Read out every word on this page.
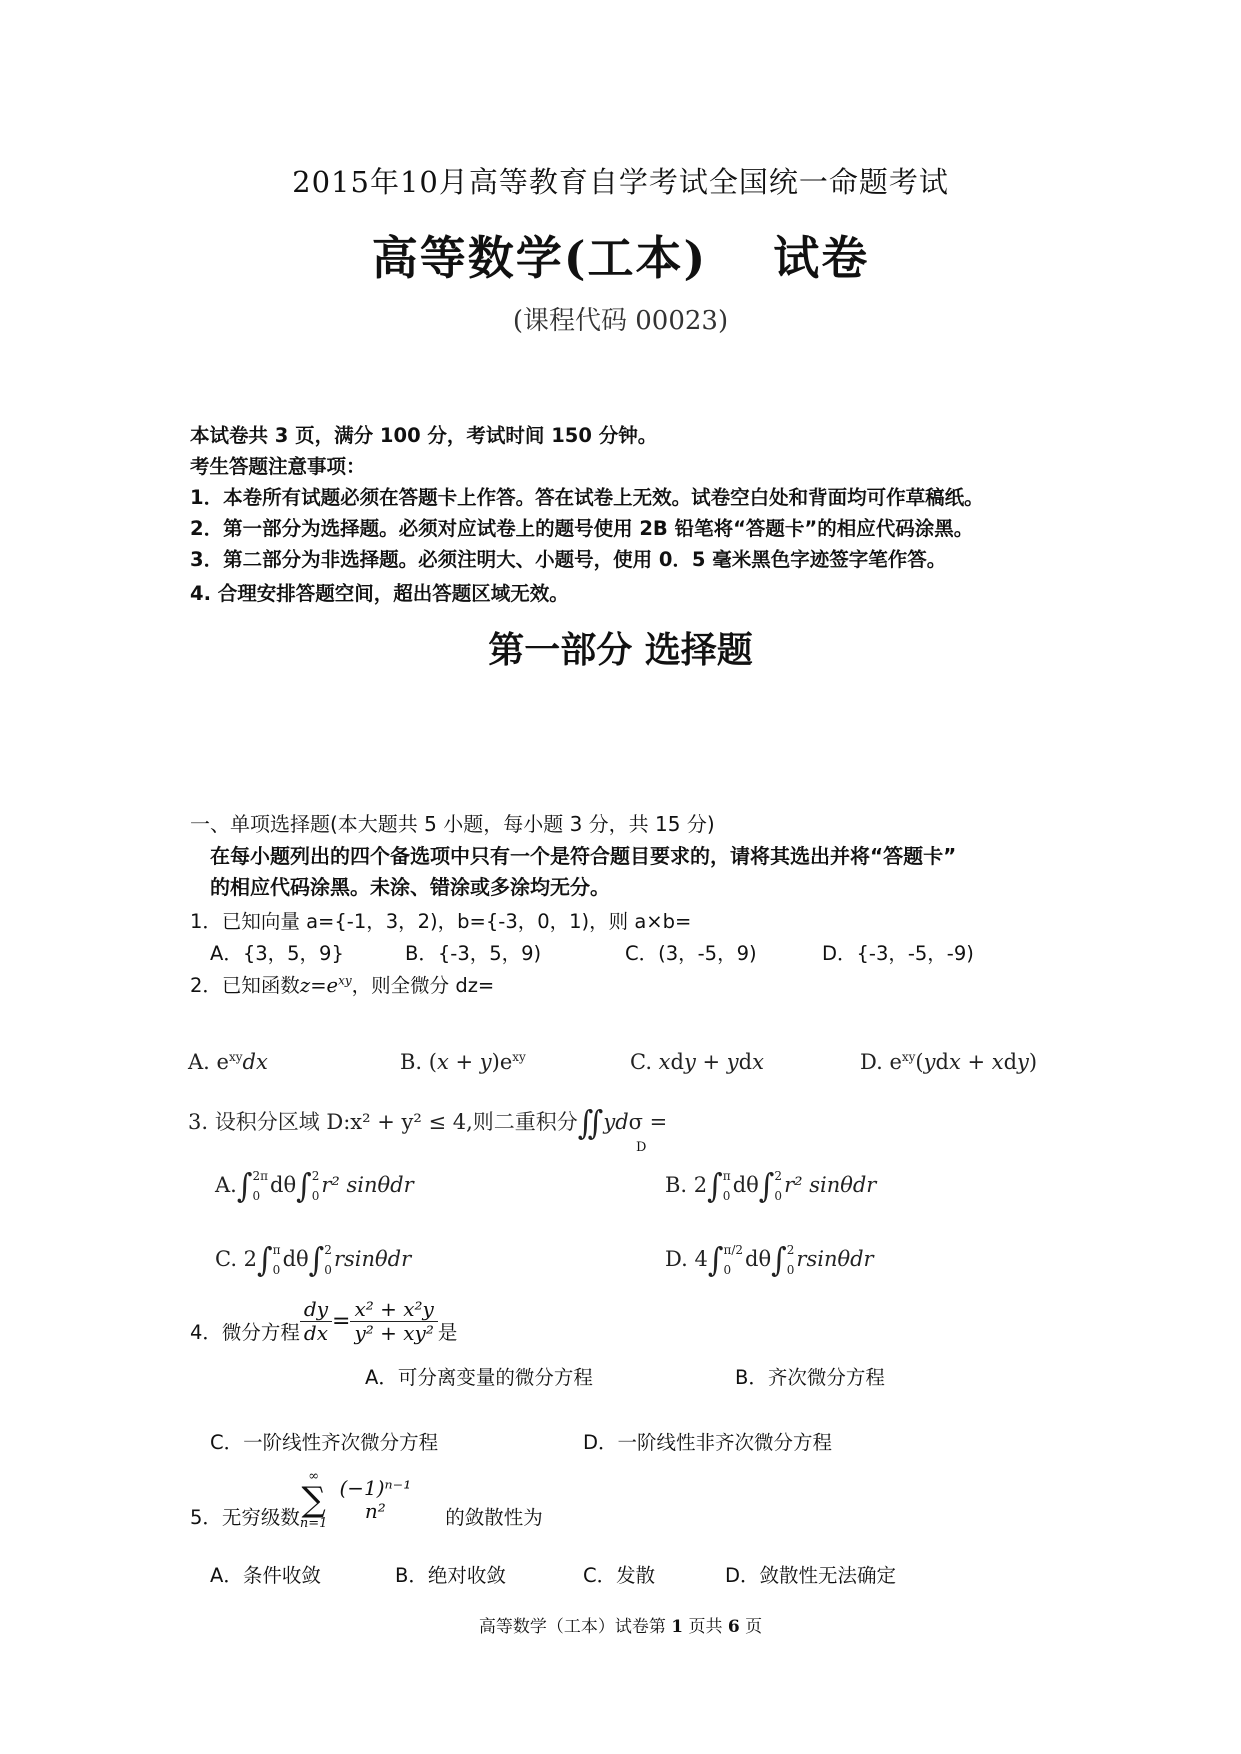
2015年10月高等教育自学考试全国统一命题考试
高等数学(工本)　 试卷
(课程代码 00023)
本试卷共 3 页，满分 100 分，考试时间 150 分钟。
考生答题注意事项：
1．本卷所有试题必须在答题卡上作答。答在试卷上无效。试卷空白处和背面均可作草稿纸。
2．第一部分为选择题。必须对应试卷上的题号使用 2B 铅笔将“答题卡”的相应代码涂黑。
3．第二部分为非选择题。必须注明大、小题号，使用 0．5 毫米黑色字迹签字笔作答。
4. 合理安排答题空间，超出答题区域无效。
第一部分 选择题
一、单项选择题(本大题共 5 小题，每小题 3 分，共 15 分)
在每小题列出的四个备选项中只有一个是符合题目要求的，请将其选出并将“答题卡”
的相应代码涂黑。未涂、错涂或多涂均无分。
1．已知向量 a={-1，3，2)，b={-3，0，1)，则 a×b=
A．{3，5，9}	B．{-3，5，9)	C．(3，-5，9)	D．{-3，-5，-9)
2．已知函数$z=e^{xy}$，则全微分 dz=
A. $e^{xy}dx$	B. $(x + y)e^{xy}$	C. xdy + ydx	D. $e^{xy}(ydx + xdy)$
3. 设积分区域 D:x² + y² ≤ 4,则二重积分∬ydσ =
D
A.∫ 2π
0 dθ∫ 2
0 r² sinθdr	B. 2∫ π
0 dθ∫ 2
0 r² sinθdr
C. 2∫ π
0 dθ∫ 2
0 rsinθdr	D. 4∫ π/2
0 dθ∫ 2
0 rsinθdr
4．微分方程 $\frac{dy}{dx} = \frac{\text{x² + x²y}}{\text{y² + xy²}}$ 是
A．可分离变量的微分方程	B．齐次微分方程
C．一阶线性齐次微分方程	D．一阶线性非齐次微分方程
5．无穷级数
∞
∑
n=1
(−1)ⁿ⁻¹
n²	的敛散性为
A．条件收敛	B．绝对收敛	C．发散	D．敛散性无法确定
高等数学（工本）试卷第 1 页共 6 页
